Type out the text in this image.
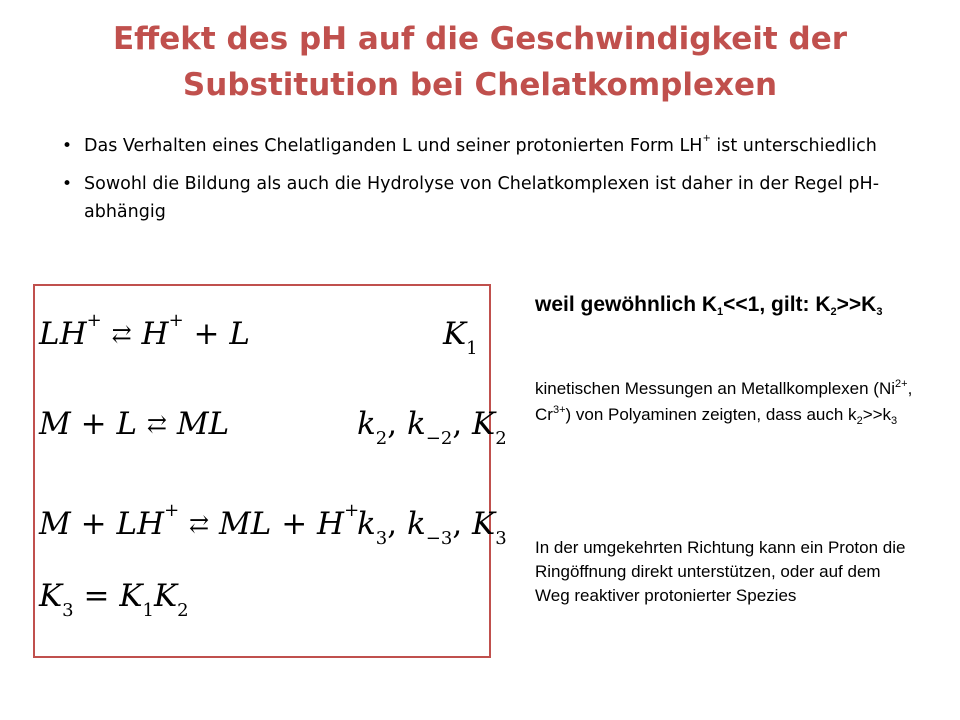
Effekt des pH auf die Geschwindigkeit der
Substitution bei Chelatkomplexen
• Das Verhalten eines Chelatliganden L und seiner protonierten Form LH+ ist unterschiedlich
• Sowohl die Bildung als auch die Hydrolyse von Chelatkomplexen ist daher in der Regel pH-abhängig
LH+ ⇄ H+ + L	$K_1$
M + L ⇄ ML	$k_2$, $k_{-2}$, $K_2$
M + LH+ ⇄ ML + H+
$k_3$, $k_{-3}$, $K_3$
$K_3 = K_1K_2$
weil gewöhnlich $K_1<<1$, gilt: $K_2>>K_3$
kinetischen Messungen an Metallkomplexen ($Ni^{2+}$, $Cr^{3+}$) von Polyaminen zeigten, dass auch $k_2>>k_3$
In der umgekehrten Richtung kann ein Proton die Ringöffnung direkt unterstützen, oder auf dem Weg reaktiver protonierter Spezies
